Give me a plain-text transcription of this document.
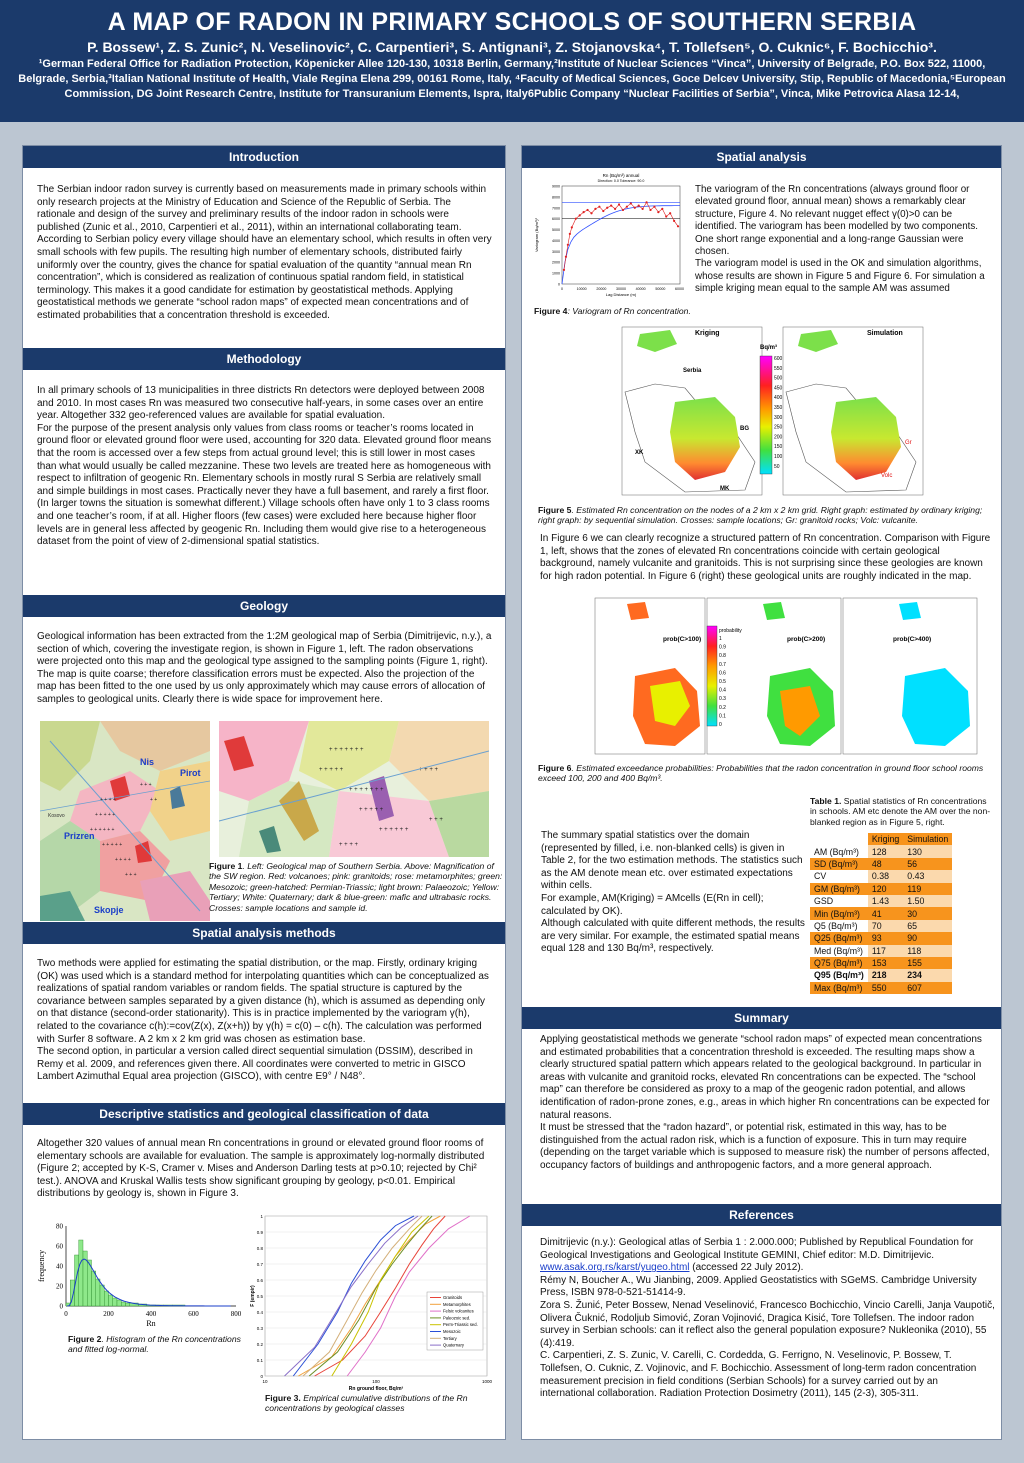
A MAP OF RADON IN PRIMARY SCHOOLS OF SOUTHERN SERBIA
P. Bossew¹, Z. S. Zunic², N. Veselinovic², C. Carpentieri³, S. Antignani³, Z. Stojanovska⁴, T. Tollefsen⁵, O. Cuknic⁶, F. Bochicchio³.
¹German Federal Office for Radiation Protection, Köpenicker Allee 120-130, 10318 Berlin, Germany,²Institute of Nuclear Sciences “Vinca”, University of Belgrade, P.O. Box 522, 11000, Belgrade, Serbia,³Italian National Institute of Health, Viale Regina Elena 299, 00161 Rome, Italy, ⁴Faculty of Medical Sciences, Goce Delcev University, Stip, Republic of Macedonia,⁵European Commission, DG Joint Research Centre, Institute for Transuranium Elements, Ispra, Italy6Public Company “Nuclear Facilities of Serbia”, Vinca, Mike Petrovica Alasa 12-14,
Introduction
The Serbian indoor radon survey is currently based on measurements made in primary schools within only research projects at the Ministry of Education and Science of the Republic of Serbia. The rationale and design of the survey and preliminary results of the indoor radon in schools were published (Zunic et al., 2010, Carpentieri et al., 2011), within an international collaborating team. According to Serbian policy every village should have an elementary school, which results in often very small schools with few pupils. The resulting high number of elementary schools, distributed fairly uniformly over the country, gives the chance for spatial evaluation of the quantity “annual mean Rn concentration”, which is considered as realization of continuous spatial random field, in statistical terminology. This makes it a good candidate for estimation by geostatistical methods. Applying geostatistical methods we generate “school radon maps” of expected mean concentrations and of estimated probabilities that a concentration threshold is exceeded.
Methodology

In all primary schools of 13 municipalities in three districts Rn detectors were deployed between 2008 and 2010. In most cases Rn was measured two consecutive half-years, in some cases over an entire year. Altogether 332 geo-referenced values are available for spatial evaluation.

For the purpose of the present analysis only values from class rooms or teacher’s rooms located in ground floor or elevated ground floor were used, accounting for 320 data. Elevated ground floor means that the room is accessed over a few steps from actual ground level; this is still lower in most cases than what would usually be called mezzanine. These two levels are treated here as homogeneous with respect to infiltration of geogenic Rn. Elementary schools in mostly rural S Serbia are relatively small and simple buildings in most cases. Practically never they have a full basement, and rarely a first floor. (In larger towns the situation is somewhat different.) Village schools often have only 1 to 3 class rooms and one teacher’s room, if at all. Higher floors (few cases) were excluded here because higher floor levels are in general less affected by geogenic Rn. Including them would give rise to a heterogeneous dataset from the point of view of 2-dimensional spatial statistics.

Geology
Geological information has been extracted from the 1:2M geological map of Serbia (Dimitrijevic, n.y.), a section of which, covering the investigate region, is shown in Figure 1, left. The radon observations were projected onto this map and the geological type assigned to the sampling points (Figure 1, right). The map is quite coarse; therefore classification errors must be expected. Also the projection of the map has been fitted to the one used by us only approximately which may cause errors of allocation of samples to geological units. Clearly there is wide space for improvement here.
+ + + +
+ + + + +
+ + + + + +
+ + + + +
+ + + +
+ + +
+ + +
+ +
Nis
Pirot
Prizren
Skopje
Kosovo
+ + + + + + +
+ + + + +
+ + + + + + +
+ + + + +
+ + + + + +
+ + + +
+ + + +
+ + +
Figure 1. Left: Geological map of Southern Serbia. Above: Magnification of the SW region. Red: volcanoes; pink: granitoids; rose: metamorphites; green: Mesozoic; green-hatched: Permian-Triassic; light brown: Palaeozoic; Yellow: Tertiary; White: Quaternary; dark & blue-green: mafic and ultrabasic rocks. Crosses: sample locations and sample id.
Spatial analysis methods

Two methods were applied for estimating the spatial distribution, or the map. Firstly, ordinary kriging (OK) was used which is a standard method for interpolating quantities which can be conceptualized as realizations of spatial random variables or random fields. The spatial structure is captured by the covariance between samples separated by a given distance (h), which is assumed as depending only on that distance (second-order stationarity). This is in practice implemented by the variogram γ(h), related to the covariance c(h):=cov(Z(x), Z(x+h)) by γ(h) = c(0) – c(h). The calculation was performed with Surfer 8 software. A 2 km x 2 km grid was chosen as estimation base.

The second option, in particular a version called direct sequential simulation (DSSIM), described in Remy et al. 2009, and references given there. All coordinates were converted to metric in GISCO Lambert Azimuthal Equal area projection (GISCO), with centre E9° / N48°.

Descriptive statistics and geological classification of data
Altogether 320 values of annual mean Rn concentrations in ground or elevated ground floor rooms of elementary schools are available for evaluation. The sample is approximately log-normally distributed (Figure 2; accepted by K-S, Cramer v. Mises and Anderson Darling tests at p>0.10; rejected by Chi² test.). ANOVA and Kruskal Wallis tests show significant grouping by geology, p<0.01. Empirical distributions by geology is, shown in Figure 3.
0	200	400	600	800
0
20
40
60
80
Rn
frequency
Figure 2. Histogram of the Rn concentrations and fitted log-normal.
0
0.1
0.2
0.3
0.4
0.5
0.6
0.7
0.8
0.9
1
10	100	1000
Granitoids
Metamorphites
Felsic volcanites
Paleozoic sed.
Perm-Triassic sed.
Mesozoic
Tertiary
Quaternary
Rn ground floor, Bq/m³
F (empir)
Figure 3. Empirical cumulative distributions of the Rn concentrations by geological classes
Spatial analysis
Rn (Bq/m³) annual
Direction: 0.0 Tolerance: 90.0
0
1000
2000
3000
4000
5000
6000
7000
8000
9000
0	10000	20000	30000	40000	50000	60000
Lag Distance (m)
Variogram (Bq/m³)²
Figure 4: Variogram of Rn concentration.

The variogram of the Rn concentrations (always ground floor or elevated ground floor, annual mean) shows a remarkably clear structure, Figure 4. No relevant nugget effect γ(0)>0 can be identified. The variogram has been modelled by two components. One short range exponential and a long-range Gaussian were chosen.

The variogram model is used in the OK and simulation algorithms, whose results are shown in Figure 5 and Figure 6. For simulation a simple kriging mean equal to the sample AM was assumed

Kriging
Serbia
BG
MK
XK
Bq/m³
600
550
500
450
400
350
300
250
200
150
100
50
Simulation
Gr
Volc
Figure 5. Estimated Rn concentration on the nodes of a 2 km x 2 km grid. Right graph: estimated by ordinary kriging; right graph: by sequential simulation. Crosses: sample locations; Gr: granitoid rocks; Volc: vulcanite.
In Figure 6 we can clearly recognize a structured pattern of Rn concentration. Comparison with Figure 1, left, shows that the zones of elevated Rn concentrations coincide with certain geological background, namely vulcanite and granitoids. This is not surprising since these geologies are known for high radon potential. In Figure 6 (right) these geological units are roughly indicated in the map.
probability
1
0.9
0.8
0.7
0.6
0.5
0.4
0.3
0.2
0.1
0
prob(C>100)	prob(C>200)	prob(C>400)
Figure 6. Estimated exceedance probabilities: Probabilities that the radon concentration in ground floor school rooms exceed 100, 200 and 400 Bq/m³.
Table 1. Spatial statistics of Rn concentrations in schools. AM etc denote the AM over the non-blanked region as in Figure 5, right.
	Kriging	Simulation
AM (Bq/m³)	128	130
SD (Bq/m³)	48	56
CV	0.38	0.43
GM (Bq/m³)	120	119
GSD	1.43	1.50
Min (Bq/m³)	41	30
Q5 (Bq/m³)	70	65
Q25 (Bq/m³)	93	90
Med (Bq/m³)	117	118
Q75 (Bq/m³)	153	155
Q95 (Bq/m³)	218	234
Max (Bq/m³)	550	607
The summary spatial statistics over the domain (represented by filled, i.e. non-blanked cells) is given in Table 2, for the two estimation methods. The statistics such as the AM denote mean etc. over estimated expectations within cells.
For example, AM(Kriging) = AMcells (E(Rn in cell); calculated by OK).
Although calculated with quite different methods, the results are very similar. For example, the estimated spatial means equal 128 and 130 Bq/m³, respectively.
Summary

Applying geostatistical methods we generate “school radon maps” of expected mean concentrations and estimated probabilities that a concentration threshold is exceeded. The resulting maps show a clearly structured spatial pattern which appears related to the geological background. In particular in areas with vulcanite and granitoid rocks, elevated Rn concentrations can be expected. The “school map” can therefore be considered as proxy to a map of the geogenic radon potential, and allows identification of radon-prone zones, e.g., areas in which higher Rn concentrations can be expected for natural reasons.

It must be stressed that the “radon hazard”, or potential risk, estimated in this way, has to be distinguished from the actual radon risk, which is a function of exposure. This in turn may require (depending on the target variable which is supposed to measure risk) the number of persons affected, occupancy factors of buildings and anthropogenic factors, and a more general approach.

References

Dimitrijevic (n.y.): Geological atlas of Serbia 1 : 2.000.000; Published by Republical Foundation for Geological Investigations and Geological Institute GEMINI, Chief editor: M.D. Dimitrijevic. www.asak.org.rs/karst/yugeo.html (accessed 22 July 2012).

Rémy N, Boucher A., Wu Jianbing, 2009. Applied Geostatistics with SGeMS. Cambridge University Press, ISBN 978-0-521-51414-9.

Zora S. Žunić, Peter Bossew, Nenad Veselinović, Francesco Bochicchio, Vincio Carelli, Janja Vaupotič, Olivera Čuknić, Rodoljub Simović, Zoran Vojinović, Dragica Kisić, Tore Tollefsen. The indoor radon survey in Serbian schools: can it reflect also the general population exposure? Nukleonika (2010), 55 (4):419.

C. Carpentieri, Z. S. Zunic, V. Carelli, C. Cordedda, G. Ferrigno, N. Veselinovic, P. Bossew, T. Tollefsen, O. Cuknic, Z. Vojinovic, and F. Bochicchio. Assessment of long-term radon concentration measurement precision in field conditions (Serbian Schools) for a survey carried out by an international collaboration. Radiation Protection Dosimetry (2011), 145 (2-3), 305-311.
